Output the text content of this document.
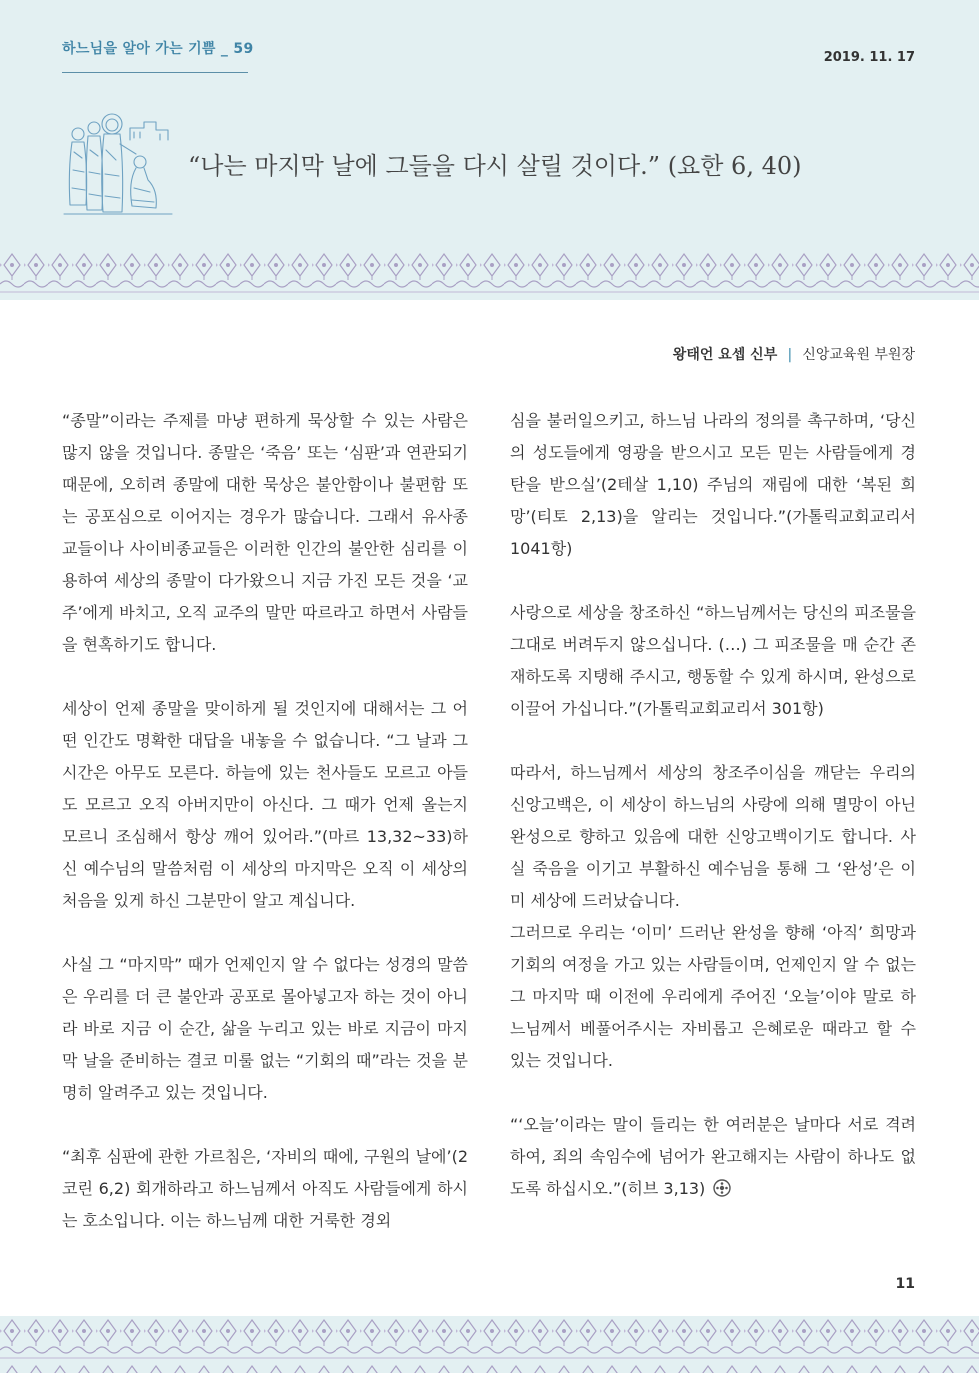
하느님을 알아 가는 기쁨 _ 59
2019. 11. 17
“나는 마지막 날에 그들을 다시 살릴 것이다.” (요한 6, 40)
왕태언 요셉 신부 | 신앙교육원 부원장

“종말”이라는 주제를 마냥 편하게 묵상할 수 있는 사람은 많지 않을 것입니다. 종말은 ‘죽음’ 또는 ‘심판’과 연관되기 때문에, 오히려 종말에 대한 묵상은 불안함이나 불편함 또는 공포심으로 이어지는 경우가 많습니다. 그래서 유사종교들이나 사이비종교들은 이러한 인간의 불안한 심리를 이용하여 세상의 종말이 다가왔으니 지금 가진 모든 것을 ‘교주’에게 바치고, 오직 교주의 말만 따르라고 하면서 사람들을 현혹하기도 합니다.

세상이 언제 종말을 맞이하게 될 것인지에 대해서는 그 어떤 인간도 명확한 대답을 내놓을 수 없습니다. “그 날과 그 시간은 아무도 모른다. 하늘에 있는 천사들도 모르고 아들도 모르고 오직 아버지만이 아신다. 그 때가 언제 올는지 모르니 조심해서 항상 깨어 있어라.”(마르 13,32~33)하신 예수님의 말씀처럼 이 세상의 마지막은 오직 이 세상의 처음을 있게 하신 그분만이 알고 계십니다.

사실 그 “마지막” 때가 언제인지 알 수 없다는 성경의 말씀은 우리를 더 큰 불안과 공포로 몰아넣고자 하는 것이 아니라 바로 지금 이 순간, 삶을 누리고 있는 바로 지금이 마지막 날을 준비하는 결코 미룰 없는 “기회의 때”라는 것을 분명히 알려주고 있는 것입니다.

“최후 심판에 관한 가르침은, ‘자비의 때에, 구원의 날에’(2코린 6,2) 회개하라고 하느님께서 아직도 사람들에게 하시는 호소입니다. 이는 하느님께 대한 거룩한 경외

심을 불러일으키고, 하느님 나라의 정의를 촉구하며, ‘당신의 성도들에게 영광을 받으시고 모든 믿는 사람들에게 경탄을 받으실’(2테살 1,10) 주님의 재림에 대한 ‘복된 희망’(티토 2,13)을 알리는 것입니다.”(가톨릭교회교리서 1041항)

사랑으로 세상을 창조하신 “하느님께서는 당신의 피조물을 그대로 버려두지 않으십니다. (…) 그 피조물을 매 순간 존재하도록 지탱해 주시고, 행동할 수 있게 하시며, 완성으로 이끌어 가십니다.”(가톨릭교회교리서 301항)

따라서, 하느님께서 세상의 창조주이심을 깨닫는 우리의 신앙고백은, 이 세상이 하느님의 사랑에 의해 멸망이 아닌 완성으로 향하고 있음에 대한 신앙고백이기도 합니다. 사실 죽음을 이기고 부활하신 예수님을 통해 그 ‘완성’은 이미 세상에 드러났습니다.

그러므로 우리는 ‘이미’ 드러난 완성을 향해 ‘아직’ 희망과 기회의 여정을 가고 있는 사람들이며, 언제인지 알 수 없는 그 마지막 때 이전에 우리에게 주어진 ‘오늘’이야 말로 하느님께서 베풀어주시는 자비롭고 은혜로운 때라고 할 수 있는 것입니다.

“‘오늘’이라는 말이 들리는 한 여러분은 날마다 서로 격려하여, 죄의 속임수에 넘어가 완고해지는 사람이 하나도 없도록 하십시오.”(히브 3,13)

11
